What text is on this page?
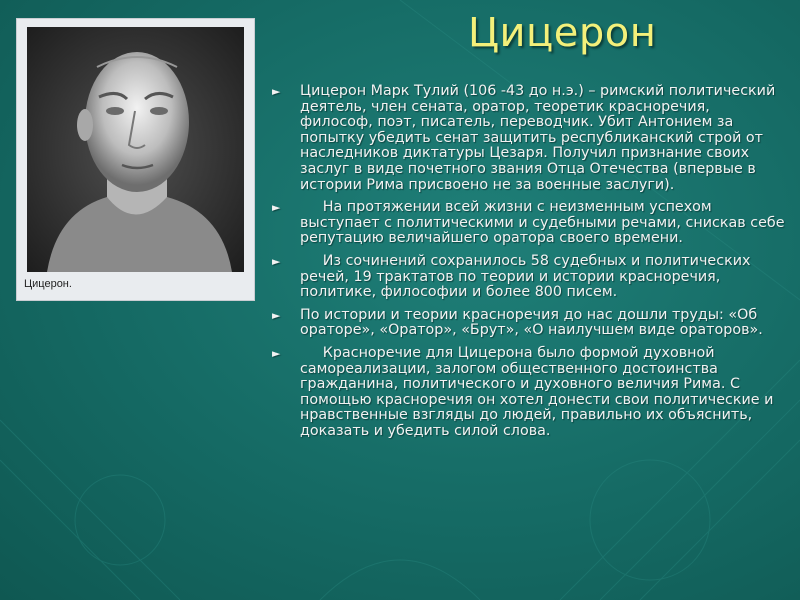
Цицерон
Цицерон.
► Цицерон Марк Тулий (106 -43 до н.э.) – римский политический деятель, член сената, оратор, теоретик красноречия, философ, поэт, писатель, переводчик. Убит Антонием за попытку убедить сенат защитить республиканский строй от наследников диктатуры Цезаря. Получил признание своих заслуг в виде почетного звания Отца Отечества (впервые в истории Рима присвоено не за военные заслуги).
► На протяжении всей жизни с неизменным успехом выступает с политическими и судебными речами, снискав себе репутацию величайшего оратора своего времени.
► Из сочинений сохранилось 58 судебных и политических речей, 19 трактатов по теории и истории красноречия, политике, философии и более 800 писем.
► По истории и теории красноречия до нас дошли труды: «Об ораторе», «Оратор», «Брут», «О наилучшем виде ораторов».
► Красноречие для Цицерона было формой духовной самореализации, залогом общественного достоинства гражданина, политического и духовного величия Рима. С помощью красноречия он хотел донести свои политические и нравственные взгляды до людей, правильно их объяснить, доказать и убедить силой слова.
